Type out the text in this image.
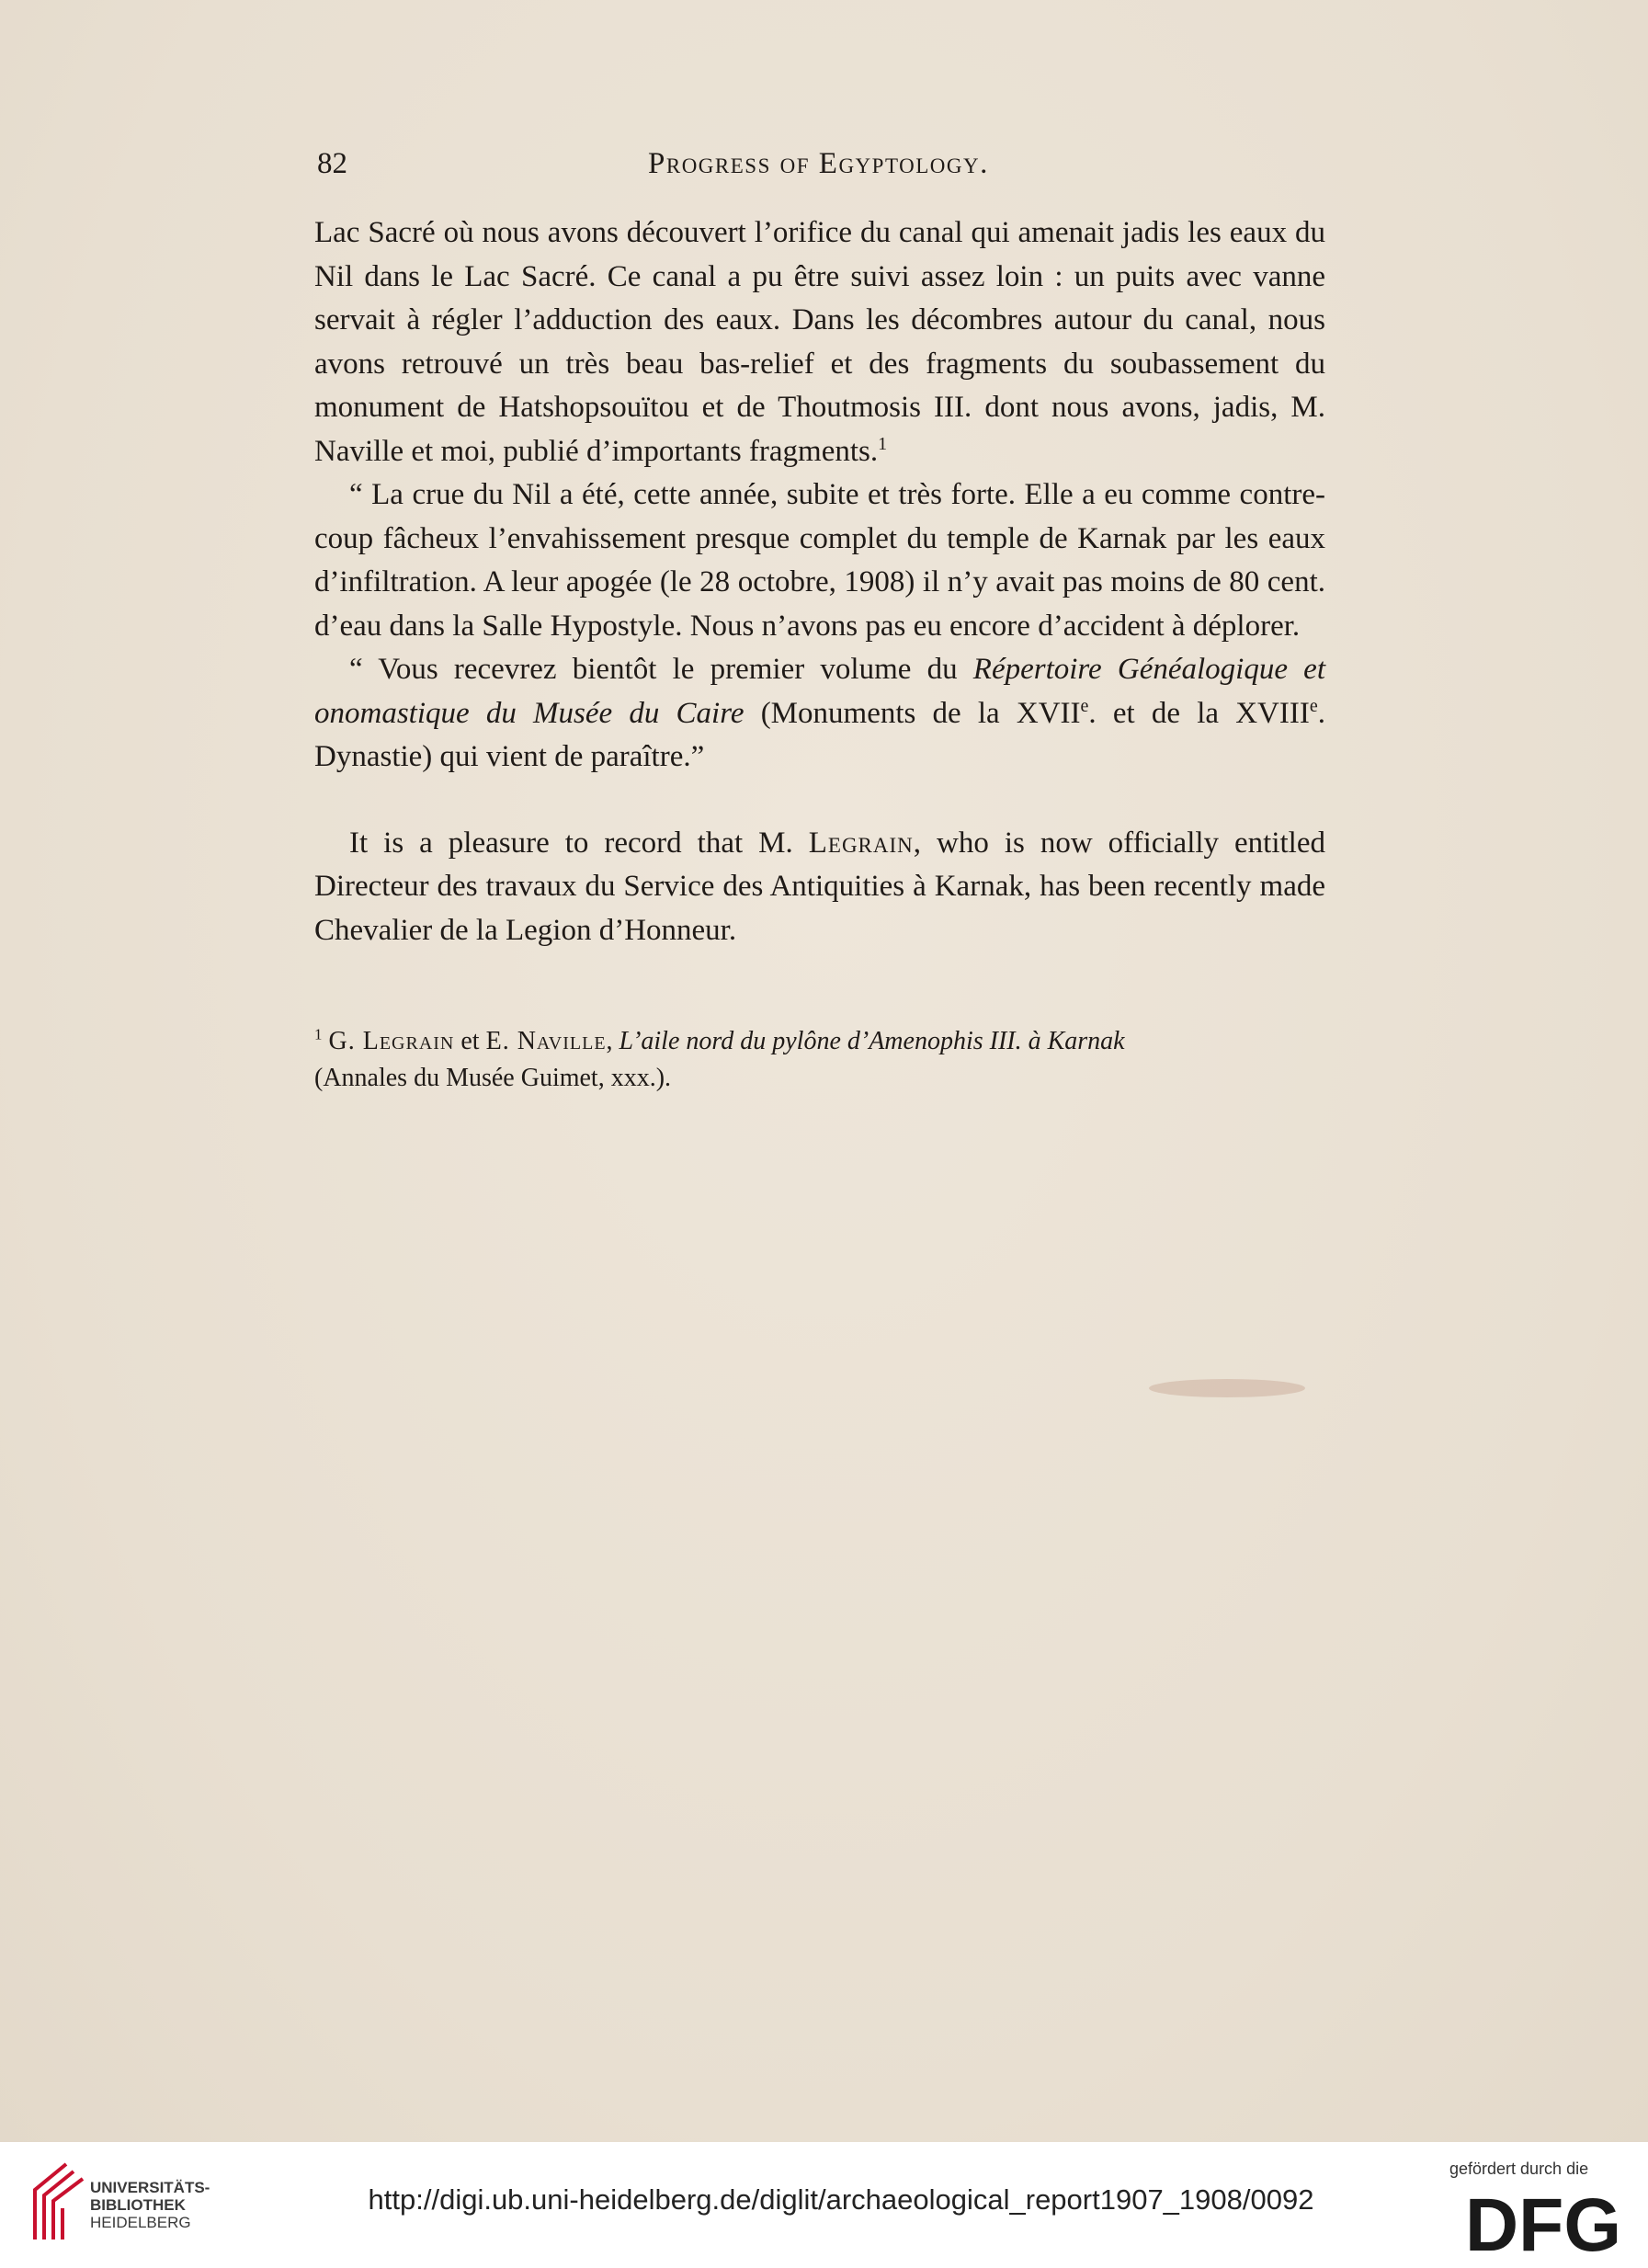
82	Progress of Egyptology.

Lac Sacré où nous avons découvert l’orifice du canal qui amenait jadis les eaux du Nil dans le Lac Sacré. Ce canal a pu être suivi assez loin : un puits avec vanne servait à régler l’adduction des eaux. Dans les décombres autour du canal, nous avons retrouvé un très beau bas-relief et des fragments du soubassement du monument de Hatshopsouïtou et de Thoutmosis III. dont nous avons, jadis, M. Naville et moi, publié d’importants fragments.$^1$

“ La crue du Nil a été, cette année, subite et très forte. Elle a eu comme contre-coup fâcheux l’envahissement presque complet du temple de Karnak par les eaux d’infiltration. A leur apogée (le 28 octobre, 1908) il n’y avait pas moins de 80 cent. d’eau dans la Salle Hypostyle. Nous n’avons pas eu encore d’accident à déplorer.

“ Vous recevrez bientôt le premier volume du Répertoire Généalogique et onomastique du Musée du Caire (Monuments de la XVIIe. et de la XVIIIe. Dynastie) qui vient de paraître.”

It is a pleasure to record that M. Legrain, who is now officially entitled Directeur des travaux du Service des Antiquities à Karnak, has been recently made Chevalier de la Legion d’Honneur.

$^1$ G. Legrain et E. Naville, L’aile nord du pylône d’Amenophis III. à Karnak
(Annales du Musée Guimet, xxx.).
UNIVERSITÄTS-
BIBLIOTHEK
HEIDELBERG
http://digi.ub.uni-heidelberg.de/diglit/archaeological_report1907_1908/0092
gefördert durch die
DFG
